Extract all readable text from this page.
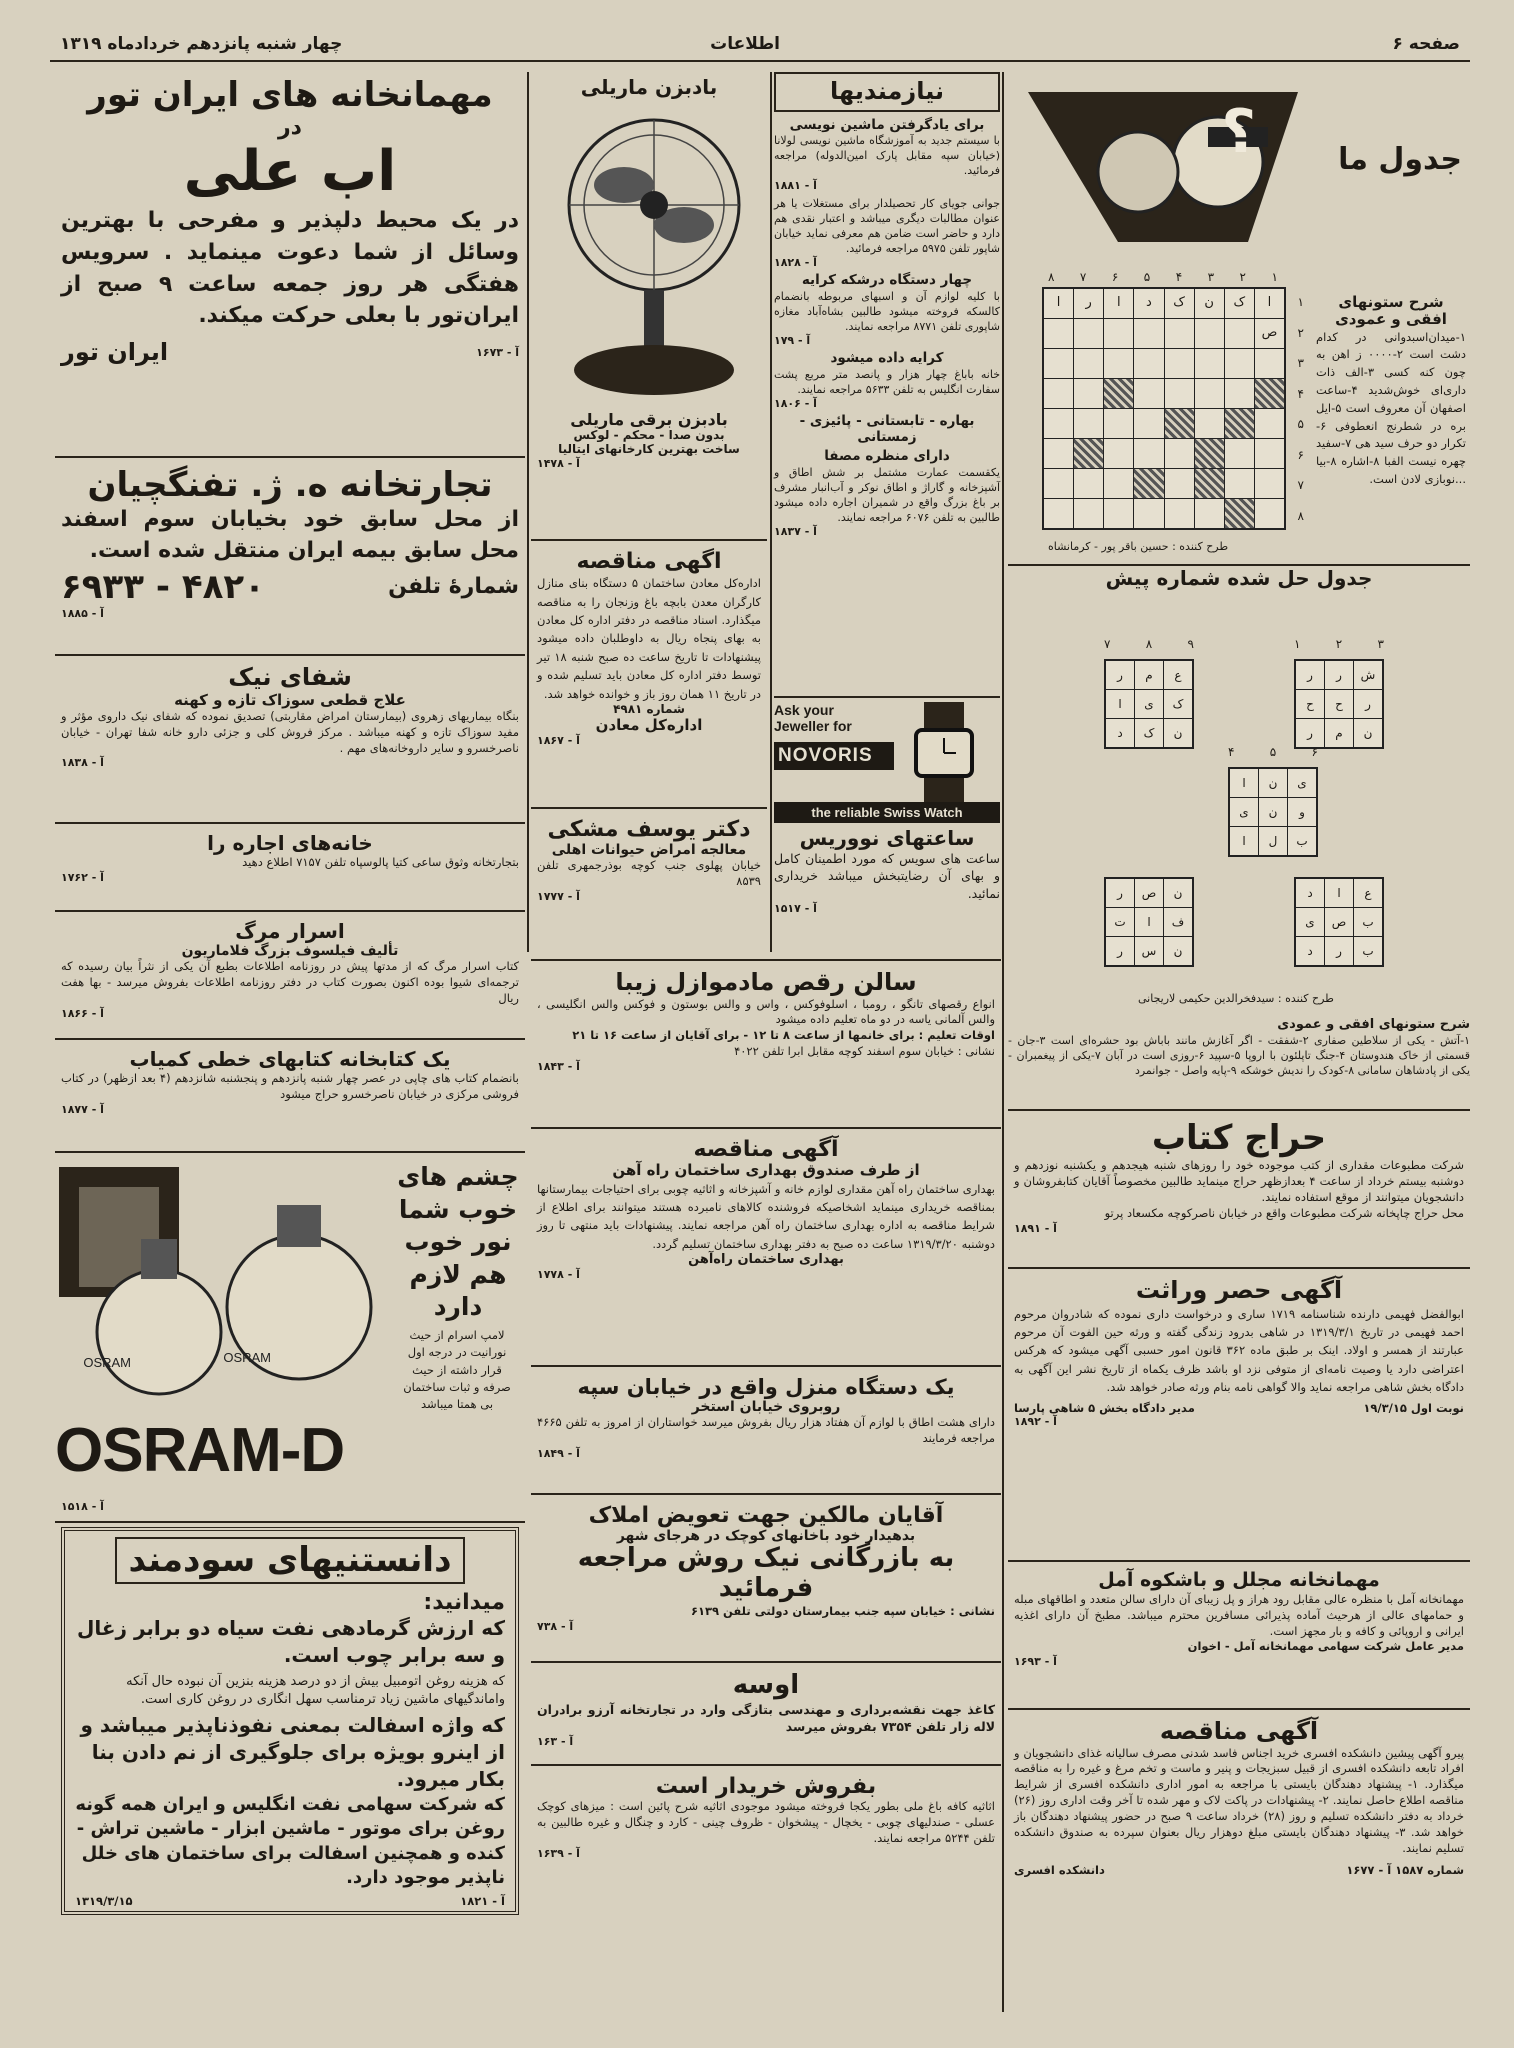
صفحه ۶
اطلاعات
چهار شنبه پانزدهم خردادماه ۱۳۱۹
جدول ما
؟
۸ ۷ ۶ ۵ ۴ ۳ ۲ ۱
ا
ک
ن
ک
د
ا
ر
ا
ص
۱
۲
۳
۴
۵
۶
۷
۸
شرح ستونهای افقی و عمودی
۱-میدان‌اسبدوانی در کدام دشت است ۲-۰۰۰۰ ز اهن به چون کنه‌ کسی ۳-الف ذات داری‌ای خوش‌شدید ۴-ساعت‌ اصفهان آن معروف است ۵-ایل‌ بره‌ در شطرنج انعطوفی ۶-تکرار دو حرف سید هی ۷-سفید چهره نیست الفبا ۸-اشاره ۸-بیا ...نوبازی لادن است.
طرح کننده : حسین باقر پور - کرمانشاه
جدول حل شده شماره پیش
ش
ر
ر
ر
ح
ح
ن
م
ر
ع
م
ر
ک
ی
ا
ن
ک
د
ی
ن
ا
و
ن
ی
ب
ل
ا
ن
ص
ر
ف
ا
ت
ن
س
ر
ع
ا
د
ب
ص
ی
ب
ر
د
۳
۲
۱
۹
۸
۷
۶
۵
۴
طرح کننده : سیدفخرالدین حکیمی لاریجانی
شرح ستونهای افقی و عمودی
۱-آتش - یکی از سلاطین صفاری ۲-شفقت - اگر آغازش مانند باباش بود حشره‌ای است ۳-جان - قسمتی از خاک هندوستان ۴-جنگ تاپلئون با اروپا ۵-سپید ۶-روزی است در آبان ۷-یکی از پیغمبران - یکی از پادشاهان سامانی ۸-کودک را ندیش خوشکه ۹-پایه واصل - جوانمرد
حراج کتاب
شرکت مطبوعات مقداری از کتب موجوده خود را روزهای شنبه هیجدهم و یکشنبه نوزدهم و دوشنبه بیستم خرداد از ساعت ۴ بعدازظهر حراج مینماید طالبین مخصوصاً آقایان کتابفروشان و دانشجویان میتوانند از موقع استفاده نمایند.
محل حراج چاپخانه شرکت مطبوعات واقع در خیابان ناصرکوچه‌ مکسعاد پرتو
آ - ۱۸۹۱
آگهی حصر وراثت
ابوالفضل فهیمی دارنده شناسنامه ۱۷۱۹ ساری و درخواست داری نموده که شادروان مرحوم احمد فهیمی در تاریخ ۱۳۱۹/۳/۱ در شاهی بدرود زندگی گفته و ورثه حین الفوت آن مرحوم عبارتند از همسر و اولاد. اینک بر طبق ماده ۳۶۲ قانون امور حسبی آگهی میشود که هرکس اعتراضی دارد یا وصیت نامه‌ای از متوفی نزد او باشد ظرف یکماه از تاریخ نشر این آگهی به دادگاه بخش شاهی مراجعه نماید والا گواهی نامه بنام ورثه صادر خواهد شد.
نوبت اول ۱۹/۳/۱۵
مدیر دادگاه بخش ۵ شاهی پارسا
آ - ۱۸۹۲
مهمانخانه مجلل و باشکوه آمل
مهمانخانه آمل با منظره عالی مقابل رود هراز و پل زیبای آن دارای سالن متعدد و اطاقهای مبله و حمامهای عالی از هرحیث آماده پذیرائی مسافرین محترم میباشد. مطبخ آن دارای اغذیه ایرانی و اروپائی و کافه و بار مجهز است.
مدیر عامل شرکت سهامی مهمانخانه آمل - اخوان
آ - ۱۶۹۳
آگهی مناقصه
پیرو آگهی پیشین دانشکده افسری خرید اجناس فاسد شدنی مصرف سالیانه غذای دانشجویان و افراد تابعه دانشکده افسری از قبیل سبزیجات و پنیر و ماست و تخم مرغ و غیره را به مناقصه میگذارد. ۱- پیشنهاد دهندگان بایستی با مراجعه به امور اداری دانشکده افسری از شرایط مناقصه اطلاع حاصل نمایند. ۲- پیشنهادات در پاکت لاک و مهر شده تا آخر وقت اداری روز (۲۶) خرداد به دفتر دانشکده تسلیم و روز (۲۸) خرداد ساعت ۹ صبح در حضور پیشنهاد دهندگان باز خواهد شد. ۳- پیشنهاد دهندگان بایستی مبلغ دوهزار ریال بعنوان سپرده به صندوق دانشکده تسلیم نمایند.
شماره ۱۵۸۷ آ - ۱۶۷۷
دانشکده افسری
نیازمندیها
برای یادگرفتن ماشین نویسی
با سیستم جدید به آموزشگاه ماشین نویسی لولانا (خیابان سپه مقابل پارک امین‌الدوله) مراجعه فرمائید.
آ - ۱۸۸۱
جوانی جویای کار تحصیلدار برای مستغلات یا هر عنوان مطالبات دیگری میباشد و اعتبار نقدی هم دارد و حاضر است ضامن هم معرفی نماید خیابان شاپور تلفن ۵۹۷۵ مراجعه فرمائید.
آ - ۱۸۲۸
چهار دستگاه درشکه کرایه
با کلیه لوازم آن و اسبهای مربوطه بانضمام کالسکه فروخته میشود طالبین بشاه‌آباد مغازه شاپوری تلفن ۸۷۷۱ مراجعه نمایند.
آ - ۱۷۹
کرایه داده میشود
خانه باباغ چهار هزار و پانصد متر مربع پشت سفارت انگلیس به تلفن ۵۶۳۳ مراجعه نمایند.
آ - ۱۸۰۶
بهاره - تابستانی - پائیزی - زمستانی
دارای منظره مصفا
یکقسمت عمارت مشتمل بر شش اطاق و آشپزخانه و گاراژ و اطاق نوکر و آب‌انبار مشرف بر باغ بزرگ واقع در شمیران اجاره داده میشود طالبین به تلفن ۶۰۷۶ مراجعه نمایند.
آ - ۱۸۳۷
Ask your
Jeweller for
NOVORIS
the reliable Swiss Watch
ساعتهای نووریس
ساعت های سویس که مورد اطمینان کامل و بهای آن رضایتبخش میباشد خریداری نمائید.
آ - ۱۵۱۷
بادبزن ماریلی
بادبزن برقی ماریلی
بدون صدا - محکم - لوکس
ساخت بهترین کارخانهای ایتالیا
آ - ۱۴۷۸
اگهی مناقصه
اداره‌کل معادن ساختمان ۵ دستگاه بنای منازل کارگران معدن بابچه باغ وزنجان را به مناقصه میگذارد. اسناد مناقصه در دفتر اداره کل معادن به بهای پنجاه ریال به داوطلبان داده میشود پیشنهادات تا تاریخ ساعت ده صبح شنبه ۱۸ تیر توسط دفتر اداره کل معادن باید تسلیم شده و در تاریخ ۱۱ همان روز باز و خوانده خواهد شد.
شماره ۴۹۸۱
اداره‌کل معادن
آ - ۱۸۶۷
دکتر یوسف مشکی
معالجه امراض حیوانات اهلی
خیابان پهلوی جنب کوچه بوذرجمهری تلفن ۸۵۳۹
آ - ۱۷۷۷
سالن رقص مادموازل زیبا
انواع رقصهای تانگو ، رومبا ، اسلوفوکس ، واس و والس بوستون و فوکس والس انگلیسی ، والس آلمانی یاسه در دو ماه تعلیم داده میشود
اوقات تعلیم : برای خانمها از ساعت ۸ تا ۱۲ - برای آقایان از ساعت ۱۶ تا ۲۱
نشانی : خیابان سوم اسفند کوچه مقابل ابرا تلفن ۴۰۲۲
آ - ۱۸۴۳
آگهی مناقصه
از طرف صندوق بهداری ساختمان راه آهن
بهداری ساختمان راه آهن مقداری لوازم خانه و آشپزخانه و اثاثیه چوبی برای احتیاجات بیمارستانها بمناقصه خریداری مینماید اشخاصیکه فروشنده کالاهای نامبرده هستند میتوانند برای اطلاع از شرایط مناقصه به اداره بهداری ساختمان راه آهن مراجعه نمایند. پیشنهادات باید منتهی تا روز دوشنبه ۱۳۱۹/۳/۲۰ ساعت ده صبح به دفتر بهداری ساختمان تسلیم گردد.
بهداری ساختمان راه‌آهن
آ - ۱۷۷۸
یک دستگاه منزل واقع در خیابان سپه
روبروی خیابان استخر
دارای هشت اطاق با لوازم آن هفتاد هزار ریال بفروش میرسد خواستاران از امروز به تلفن ۴۶۶۵ مراجعه فرمایند
آ - ۱۸۴۹
آقایان مالکین جهت تعویض املاک
بدهیدار خود باخانهای کوچک در هرجای شهر
به بازرگانی نیک روش مراجعه فرمائید
نشانی : خیابان سپه جنب بیمارستان دولتی تلفن ۶۱۳۹
آ - ۷۳۸
اوسه
کاغذ جهت نقشه‌برداری و مهندسی بتازگی وارد در تجارتخانه آرزو برادران لاله زار تلفن ۷۳۵۴ بفروش میرسد
آ - ۱۶۳
بفروش خریدار است
اثاثیه کافه باغ ملی بطور یکجا فروخته میشود موجودی اثاثیه شرح پائین است : میزهای کوچک عسلی - صندلیهای چوبی - یخچال - پیشخوان - ظروف چینی - کارد و چنگال و غیره طالبین به تلفن ۵۲۴۴ مراجعه نمایند.
آ - ۱۶۳۹
مهمانخانه های ایران تور
در
اب علی
در یک محیط دلپذیر و مفرحی با بهترین وسائل از شما دعوت مینماید . سرویس هفتگی هر روز جمعه ساعت ۹ صبح از ایران‌تور با بعلی حرکت میکند.
آ - ۱۶۷۳
ایران تور
تجارتخانه ه. ژ. تفنگچیان
از محل سابق خود بخیابان سوم اسفند محل سابق بیمه ایران منتقل شده است.
شمارهٔ تلفن
۴۸۲۰ - ۶۹۳۳
آ - ۱۸۸۵
شفای نیک
علاج قطعی سوزاک تازه و کهنه
بنگاه بیماریهای زهروی (بیمارستان امراض مقاربتی) تصدیق نموده که شفای نیک داروی مؤثر و مفید سوزاک تازه و کهنه میباشد . مرکز فروش کلی و جزئی دارو خانه شفا تهران - خیابان ناصرخسرو و سایر داروخانه‌های مهم .
آ - ۱۸۳۸
خانه‌های اجاره‌ را
بتجارتخانه وثوق ساعی کتیا پالوسپاه تلفن ۷۱۵۷ اطلاع دهید
آ - ۱۷۶۲
اسرار مرگ
تألیف فیلسوف بزرگ فلاماریون
کتاب اسرار مرگ که از مدتها پیش در روزنامه اطلاعات بطبع آن یکی از نثراً بیان رسیده که ترجمه‌ای شیوا بوده اکنون بصورت کتاب در دفتر روزنامه اطلاعات بفروش میرسد - بها هفت ریال
آ - ۱۸۶۶
یک کتابخانه کتابهای خطی کمیاب
بانضمام کتاب های چاپی در عصر چهار شنبه پانزدهم و پنجشنبه شانزدهم (۴ بعد ازظهر) در کتاب فروشی مرکزی در خیابان ناصرخسرو حراج میشود
آ - ۱۸۷۷
چشم های خوب شما نور خوب هم لازم دارد
لامپ اسرام از حیث نورانیت در درجه اول قرار داشته از حیث صرفه و ثبات ساختمان بی همتا میباشد
OSRAM	OSRAM
OSRAM-D
آ - ۱۵۱۸
دانستنیهای سودمند
میدانید:
که ارزش گرمادهی نفت سیاه دو برابر زغال و سه برابر چوب است.
که هزینه روغن اتومبیل بیش از دو درصد هزینه بنزین آن نبوده حال آنکه واماندگیهای ماشین زیاد ترمناسب سهل انگاری در روغن کاری است.
که واژه اسفالت بمعنی نفوذناپذیر میباشد و از اینرو بویژه برای جلوگیری از نم دادن بنا بکار میرود.
که شرکت سهامی نفت انگلیس و ایران همه گونه روغن برای موتور - ماشین ابزار - ماشین تراش - کنده و همچنین اسفالت برای ساختمان های خلل ناپذیر موجود دارد.
آ - ۱۸۲۱
۱۳۱۹/۳/۱۵
